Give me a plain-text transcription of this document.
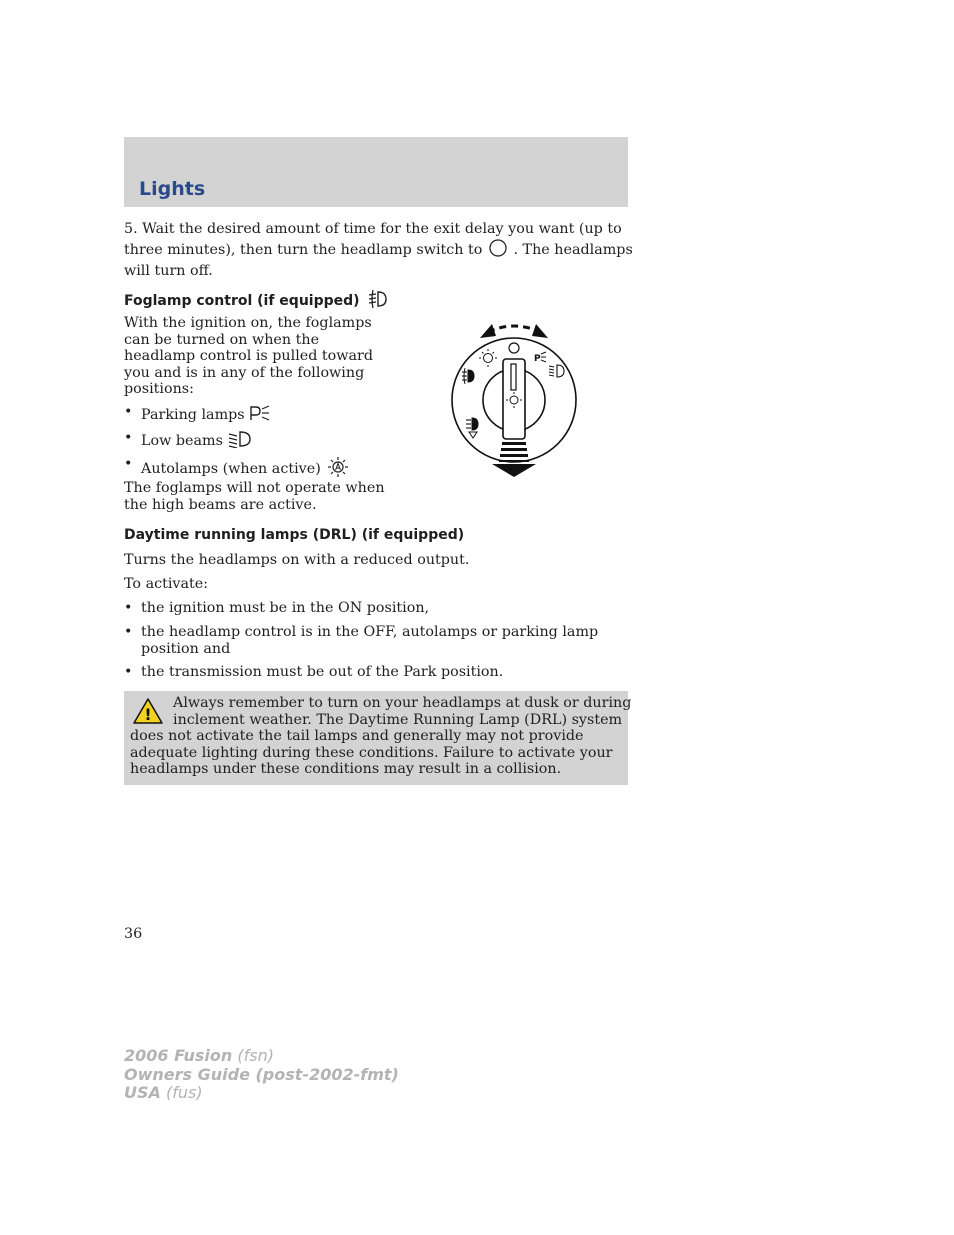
Lights
5. Wait the desired amount of time for the exit delay you want (up to
three minutes), then turn the headlamp switch to . The headlamps
will turn off.
Foglamp control (if equipped)
With the ignition on, the foglamps
can be turned on when the
headlamp control is pulled toward
you and is in any of the following
positions:
• Parking lamps
• Low beams
• Autolamps (when active)
The foglamps will not operate when
the high beams are active.
P
Daytime running lamps (DRL) (if equipped)
Turns the headlamps on with a reduced output.
To activate:
• the ignition must be in the ON position,
• the headlamp control is in the OFF, autolamps or parking lamp
position and
• the transmission must be out of the Park position.
!
Always remember to turn on your headlamps at dusk or during
inclement weather. The Daytime Running Lamp (DRL) system
does not activate the tail lamps and generally may not provide
adequate lighting during these conditions. Failure to activate your
headlamps under these conditions may result in a collision.
36
2006 Fusion (fsn)
Owners Guide (post-2002-fmt)
USA (fus)
